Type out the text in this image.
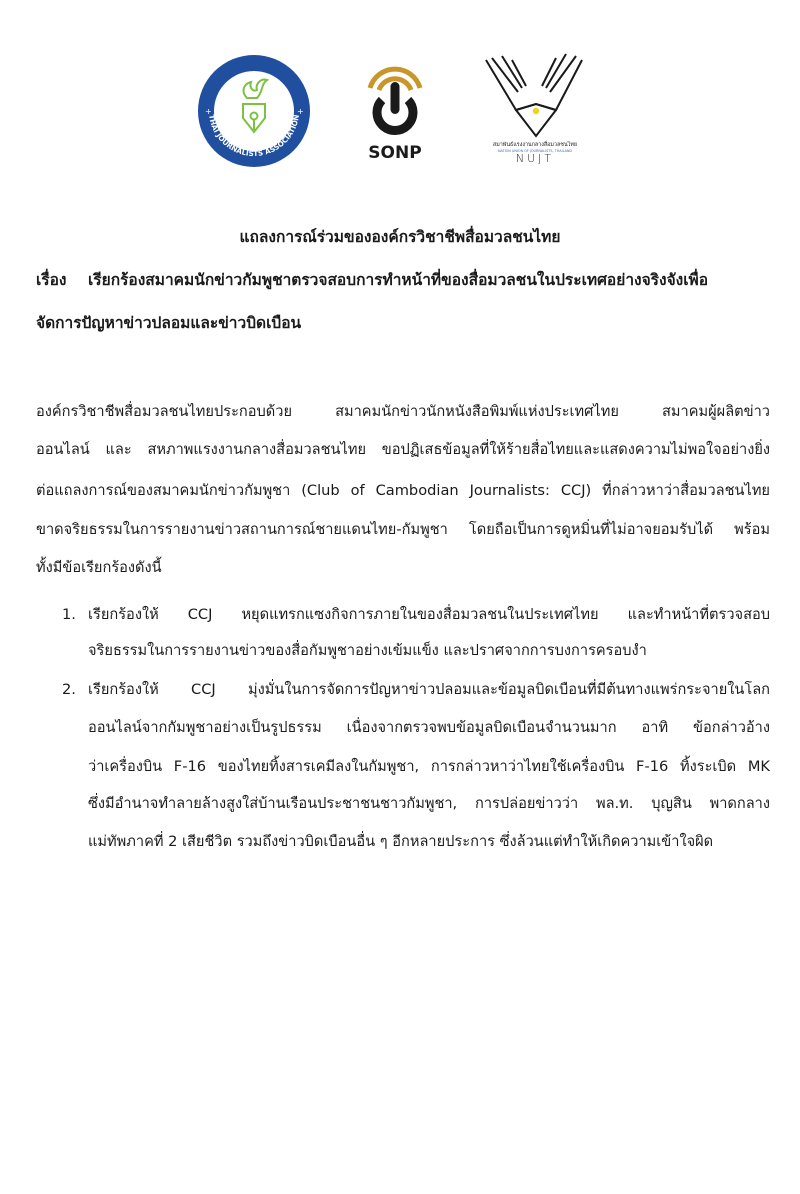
THAI JOURNALISTS ASSOCIATION
+	+
SONP	สมาพันธ์แรงงานกลางสื่อมวลชนไทย
NATION UNION OF JOURNALISTS, THAILAND
NUJT
แถลงการณ์ร่วมขององค์กรวิชาชีพสื่อมวลชนไทย
เรื่อง เรียกร้องสมาคมนักข่าวกัมพูชาตรวจสอบการทำหน้าที่ของสื่อมวลชนในประเทศอย่างจริงจังเพื่อ
จัดการปัญหาข่าวปลอมและข่าวบิดเบือน
องค์กรวิชาชีพสื่อมวลชนไทยประกอบด้วย สมาคมนักข่าวนักหนังสือพิมพ์แห่งประเทศไทย สมาคมผู้ผลิตข่าว
ออนไลน์ และ สหภาพแรงงานกลางสื่อมวลชนไทย ขอปฏิเสธข้อมูลที่ให้ร้ายสื่อไทยและแสดงความไม่พอใจอย่างยิ่ง
ต่อแถลงการณ์ของสมาคมนักข่าวกัมพูชา (Club of Cambodian Journalists: CCJ) ที่กล่าวหาว่าสื่อมวลชนไทย
ขาดจริยธรรมในการรายงานข่าวสถานการณ์ชายแดนไทย-กัมพูชา โดยถือเป็นการดูหมิ่นที่ไม่อาจยอมรับได้ พร้อม
ทั้งมีข้อเรียกร้องดังนี้
1. เรียกร้องให้ CCJ หยุดแทรกแซงกิจการภายในของสื่อมวลชนในประเทศไทย และทำหน้าที่ตรวจสอบ
จริยธรรมในการรายงานข่าวของสื่อกัมพูชาอย่างเข้มแข็ง และปราศจากการบงการครอบงำ
2. เรียกร้องให้ CCJ มุ่งมั่นในการจัดการปัญหาข่าวปลอมและข้อมูลบิดเบือนที่มีต้นทางแพร่กระจายในโลก
ออนไลน์จากกัมพูชาอย่างเป็นรูปธรรม เนื่องจากตรวจพบข้อมูลบิดเบือนจำนวนมาก อาทิ ข้อกล่าวอ้าง
ว่าเครื่องบิน F-16 ของไทยทิ้งสารเคมีลงในกัมพูชา, การกล่าวหาว่าไทยใช้เครื่องบิน F-16 ทิ้งระเบิด MK
ซึ่งมีอำนาจทำลายล้างสูงใส่บ้านเรือนประชาชนชาวกัมพูชา, การปล่อยข่าวว่า พล.ท. บุญสิน พาดกลาง
แม่ทัพภาคที่ 2 เสียชีวิต รวมถึงข่าวบิดเบือนอื่น ๆ อีกหลายประการ ซึ่งล้วนแต่ทำให้เกิดความเข้าใจผิด
